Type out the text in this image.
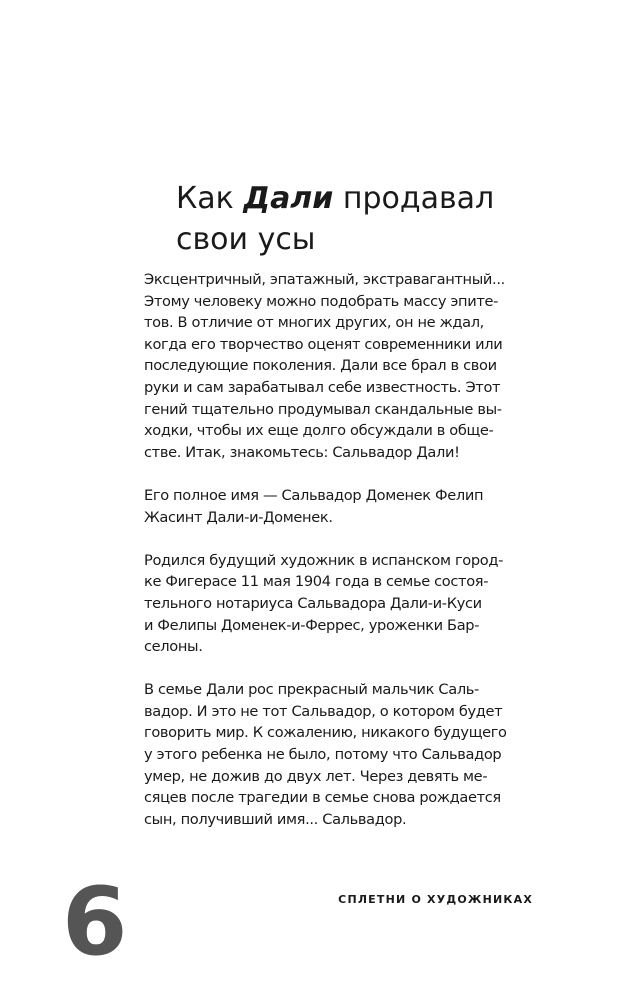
Как Дали продавал
свои усы

Эксцентричный, эпатажный, экстравагантный...
Этому человеку можно подобрать массу эпите-
тов. В отличие от многих других, он не ждал,
когда его творчество оценят современники или
последующие поколения. Дали все брал в свои
руки и сам зарабатывал себе известность. Этот
гений тщательно продумывал скандальные вы-
ходки, чтобы их еще долго обсуждали в обще-
стве. Итак, знакомьтесь: Сальвадор Дали!

Его полное имя — Сальвадор Доменек Фелип
Жасинт Дали-и-Доменек.

Родился будущий художник в испанском город-
ке Фигерасе 11 мая 1904 года в семье состоя-
тельного нотариуса Сальвадора Дали-и-Куси
и Фелипы Доменек-и-Феррес, уроженки Бар-
селоны.

В семье Дали рос прекрасный мальчик Саль-
вадор. И это не тот Сальвадор, о котором будет
говорить мир. К сожалению, никакого будущего
у этого ребенка не было, потому что Сальвадор
умер, не дожив до двух лет. Через девять ме-
сяцев после трагедии в семье снова рождается
сын, получивший имя... Сальвадор.

СПЛЕТНИ О ХУДОЖНИКАХ
6
